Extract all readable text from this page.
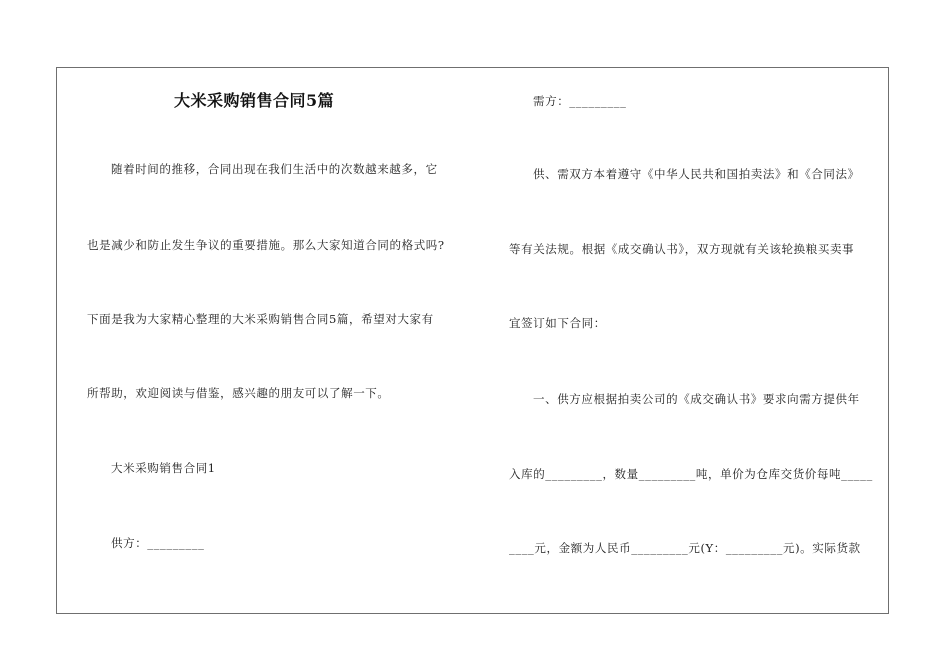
大米采购销售合同5篇
随着时间的推移，合同出现在我们生活中的次数越来越多，它
也是减少和防止发生争议的重要措施。那么大家知道合同的格式吗?
下面是我为大家精心整理的大米采购销售合同5篇，希望对大家有
所帮助，欢迎阅读与借鉴，感兴趣的朋友可以了解一下。
大米采购销售合同1
供方：_________
需方：_________
供、需双方本着遵守《中华人民共和国拍卖法》和《合同法》
等有关法规。根据《成交确认书》，双方现就有关该轮换粮买卖事
宜签订如下合同：
一、供方应根据拍卖公司的《成交确认书》要求向需方提供年
入库的_________，数量_________吨，单价为仓库交货价每吨_____
____元，金额为人民币_________元(Y：_________元)。实际货款
